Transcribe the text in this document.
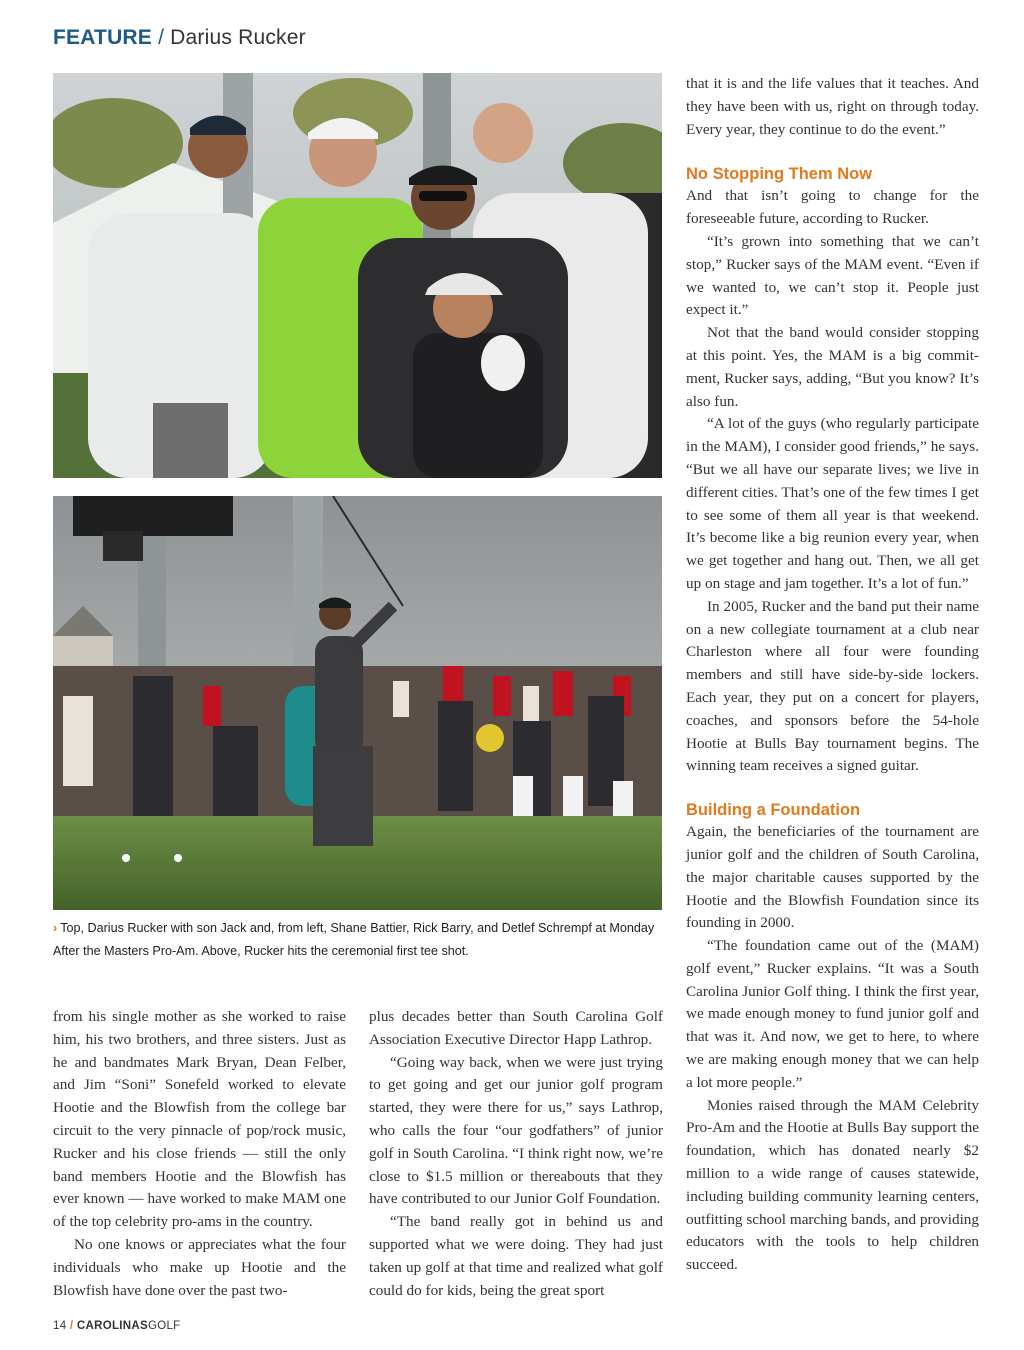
FEATURE / Darius Rucker
› Top, Darius Rucker with son Jack and, from left, Shane Battier, Rick Barry, and Detlef Schrempf at Monday After the Masters Pro-Am. Above, Rucker hits the ceremonial first tee shot.

from his single mother as she worked to raise him, his two brothers, and three sisters. Just as he and bandmates Mark Bryan, Dean Felber, and Jim “Soni” Sonefeld worked to elevate Hootie and the Blowfish from the college bar circuit to the very pinnacle of pop/rock music, Rucker and his close friends — still the only band members Hootie and the Blowfish has ever known — have worked to make MAM one of the top celebrity pro-ams in the country.

No one knows or appreciates what the four individuals who make up Hootie and the Blowfish have done over the past two-

plus decades better than South Carolina Golf Association Executive Director Happ Lathrop.

“Going way back, when we were just trying to get going and get our junior golf program started, they were there for us,” says Lathrop, who calls the four “our godfathers” of junior golf in South Carolina. “I think right now, we’re close to $1.5 million or thereabouts that they have contributed to our Junior Golf Foundation.

“The band really got in behind us and supported what we were doing. They had just taken up golf at that time and realized what golf could do for kids, being the great sport

that it is and the life values that it teaches. And they have been with us, right on through today. Every year, they continue to do the event.”

No Stopping Them Now

And that isn’t going to change for the foreseeable future, according to Rucker.

“It’s grown into something that we can’t stop,” Rucker says of the MAM event. “Even if we wanted to, we can’t stop it. People just expect it.”

Not that the band would consider stopping at this point. Yes, the MAM is a big commit-ment, Rucker says, adding, “But you know? It’s also fun.

“A lot of the guys (who regularly participate in the MAM), I consider good friends,” he says. “But we all have our separate lives; we live in different cities. That’s one of the few times I get to see some of them all year is that weekend. It’s become like a big reunion every year, when we get together and hang out. Then, we all get up on stage and jam together. It’s a lot of fun.”

In 2005, Rucker and the band put their name on a new collegiate tournament at a club near Charleston where all four were founding members and still have side-by-side lockers. Each year, they put on a concert for players, coaches, and sponsors before the 54-hole Hootie at Bulls Bay tournament begins. The winning team receives a signed guitar.

Building a Foundation

Again, the beneficiaries of the tournament are junior golf and the children of South Carolina, the major charitable causes supported by the Hootie and the Blowfish Foundation since its founding in 2000.

“The foundation came out of the (MAM) golf event,” Rucker explains. “It was a South Carolina Junior Golf thing. I think the first year, we made enough money to fund junior golf and that was it. And now, we get to here, to where we are making enough money that we can help a lot more people.”

Monies raised through the MAM Celebrity Pro-Am and the Hootie at Bulls Bay support the foundation, which has donated nearly $2 million to a wide range of causes statewide, including building community learning centers, outfitting school marching bands, and providing educators with the tools to help children succeed.

14 / CAROLINASGOLF
